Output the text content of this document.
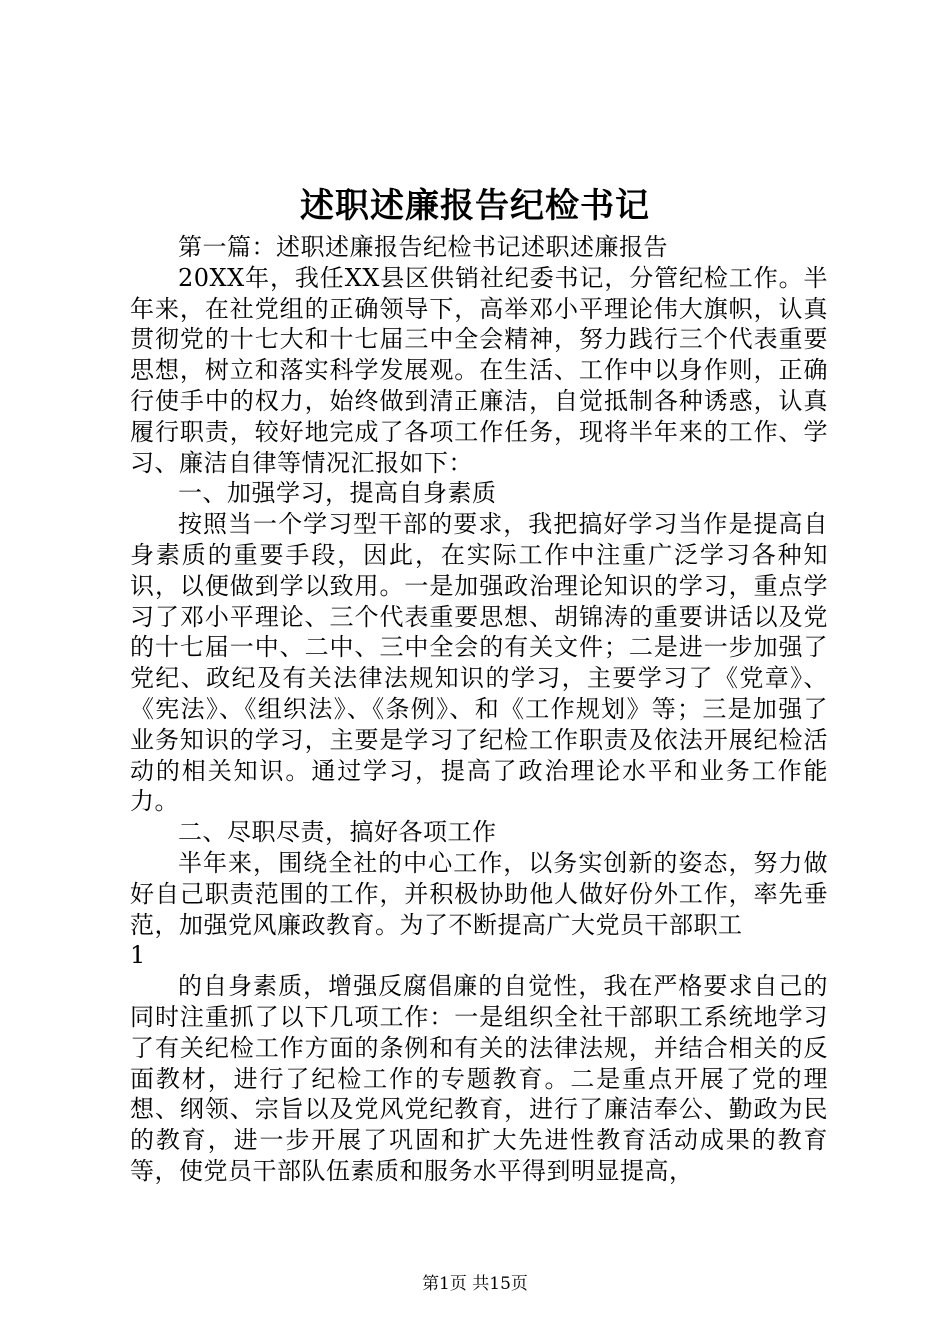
述职述廉报告纪检书记

第一篇：述职述廉报告纪检书记述职述廉报告

20XX年，我任XX县区供销社纪委书记，分管纪检工作。半年来，在社党组的正确领导下，高举邓小平理论伟大旗帜，认真贯彻党的十七大和十七届三中全会精神，努力践行三个代表重要思想，树立和落实科学发展观。在生活、工作中以身作则，正确行使手中的权力，始终做到清正廉洁，自觉抵制各种诱惑，认真履行职责，较好地完成了各项工作任务，现将半年来的工作、学习、廉洁自律等情况汇报如下：

一、加强学习，提高自身素质

按照当一个学习型干部的要求，我把搞好学习当作是提高自身素质的重要手段，因此，在实际工作中注重广泛学习各种知识，以便做到学以致用。一是加强政治理论知识的学习，重点学习了邓小平理论、三个代表重要思想、胡锦涛的重要讲话以及党的十七届一中、二中、三中全会的有关文件；二是进一步加强了党纪、政纪及有关法律法规知识的学习，主要学习了《党章》、《宪法》、《组织法》、《条例》、和《工作规划》等；三是加强了业务知识的学习，主要是学习了纪检工作职责及依法开展纪检活动的相关知识。通过学习，提高了政治理论水平和业务工作能力。

二、尽职尽责，搞好各项工作

半年来，围绕全社的中心工作，以务实创新的姿态，努力做好自己职责范围的工作，并积极协助他人做好份外工作，率先垂范，加强党风廉政教育。为了不断提高广大党员干部职工

1

的自身素质，增强反腐倡廉的自觉性，我在严格要求自己的同时注重抓了以下几项工作：一是组织全社干部职工系统地学习了有关纪检工作方面的条例和有关的法律法规，并结合相关的反面教材，进行了纪检工作的专题教育。二是重点开展了党的理想、纲领、宗旨以及党风党纪教育，进行了廉洁奉公、勤政为民的教育，进一步开展了巩固和扩大先进性教育活动成果的教育等，使党员干部队伍素质和服务水平得到明显提高，

第1页 共15页
